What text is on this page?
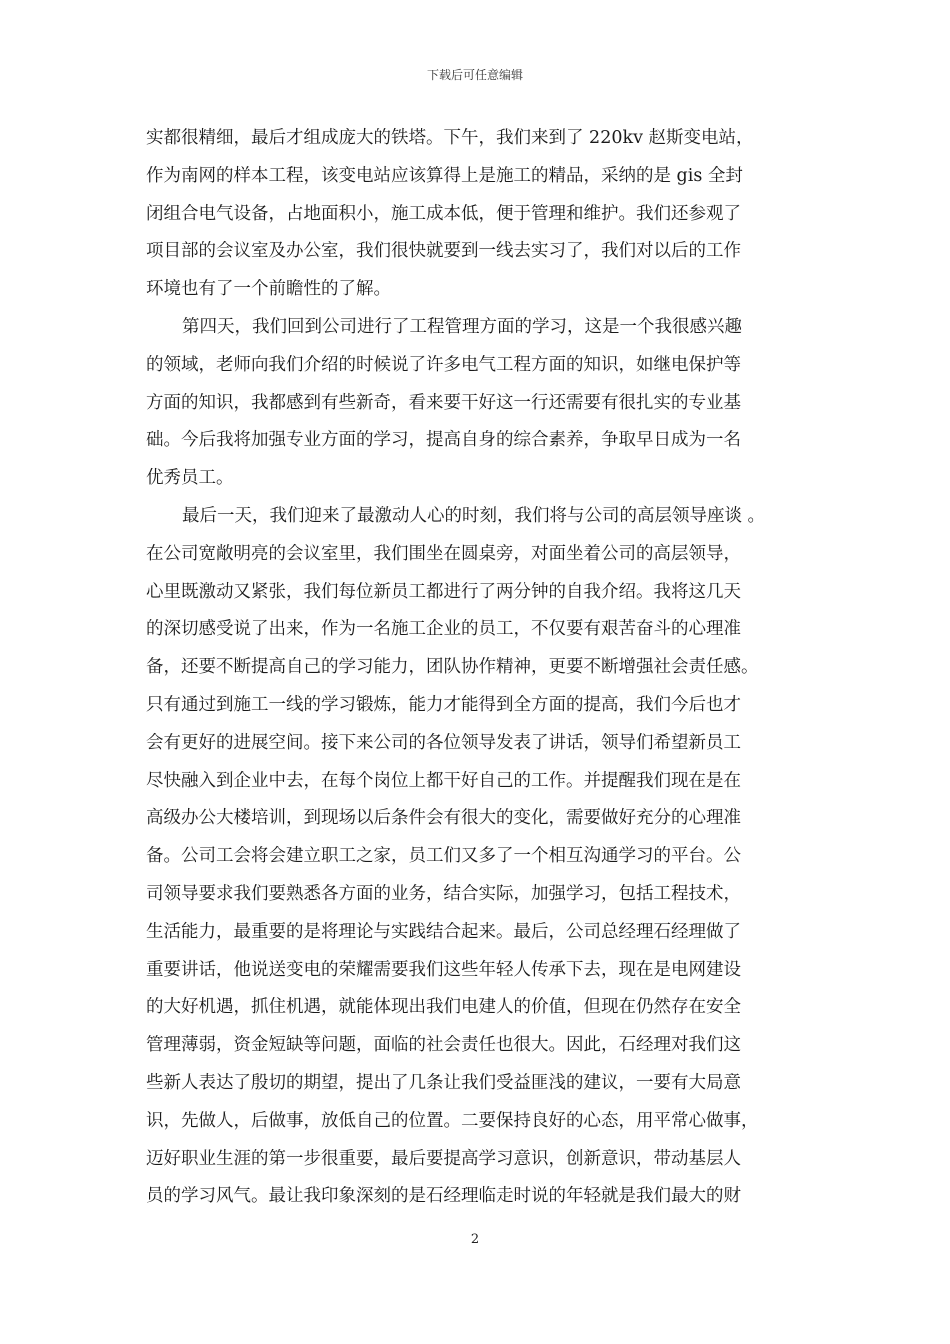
下载后可任意编辑
实都很精细，最后才组成庞大的铁塔。下午，我们来到了 220kv 赵斯变电站，
作为南网的样本工程，该变电站应该算得上是施工的精品，采纳的是 gis 全封
闭组合电气设备，占地面积小，施工成本低，便于管理和维护。我们还参观了
项目部的会议室及办公室，我们很快就要到一线去实习了，我们对以后的工作
环境也有了一个前瞻性的了解。
第四天，我们回到公司进行了工程管理方面的学习，这是一个我很感兴趣
的领域，老师向我们介绍的时候说了许多电气工程方面的知识，如继电保护等
方面的知识，我都感到有些新奇，看来要干好这一行还需要有很扎实的专业基
础。今后我将加强专业方面的学习，提高自身的综合素养，争取早日成为一名
优秀员工。
最后一天，我们迎来了最激动人心的时刻，我们将与公司的高层领导座谈 。
在公司宽敞明亮的会议室里，我们围坐在圆桌旁，对面坐着公司的高层领导，
心里既激动又紧张，我们每位新员工都进行了两分钟的自我介绍。我将这几天
的深切感受说了出来，作为一名施工企业的员工，不仅要有艰苦奋斗的心理准
备，还要不断提高自己的学习能力，团队协作精神，更要不断增强社会责任感。
只有通过到施工一线的学习锻炼，能力才能得到全方面的提高，我们今后也才
会有更好的进展空间。接下来公司的各位领导发表了讲话，领导们希望新员工
尽快融入到企业中去，在每个岗位上都干好自己的工作。并提醒我们现在是在
高级办公大楼培训，到现场以后条件会有很大的变化，需要做好充分的心理准
备。公司工会将会建立职工之家，员工们又多了一个相互沟通学习的平台。公
司领导要求我们要熟悉各方面的业务，结合实际，加强学习，包括工程技术，
生活能力，最重要的是将理论与实践结合起来。最后，公司总经理石经理做了
重要讲话，他说送变电的荣耀需要我们这些年轻人传承下去，现在是电网建设
的大好机遇，抓住机遇，就能体现出我们电建人的价值，但现在仍然存在安全
管理薄弱，资金短缺等问题，面临的社会责任也很大。因此，石经理对我们这
些新人表达了殷切的期望，提出了几条让我们受益匪浅的建议，一要有大局意
识，先做人，后做事，放低自己的位置。二要保持良好的心态，用平常心做事，
迈好职业生涯的第一步很重要，最后要提高学习意识，创新意识，带动基层人
员的学习风气。最让我印象深刻的是石经理临走时说的年轻就是我们最大的财
2
